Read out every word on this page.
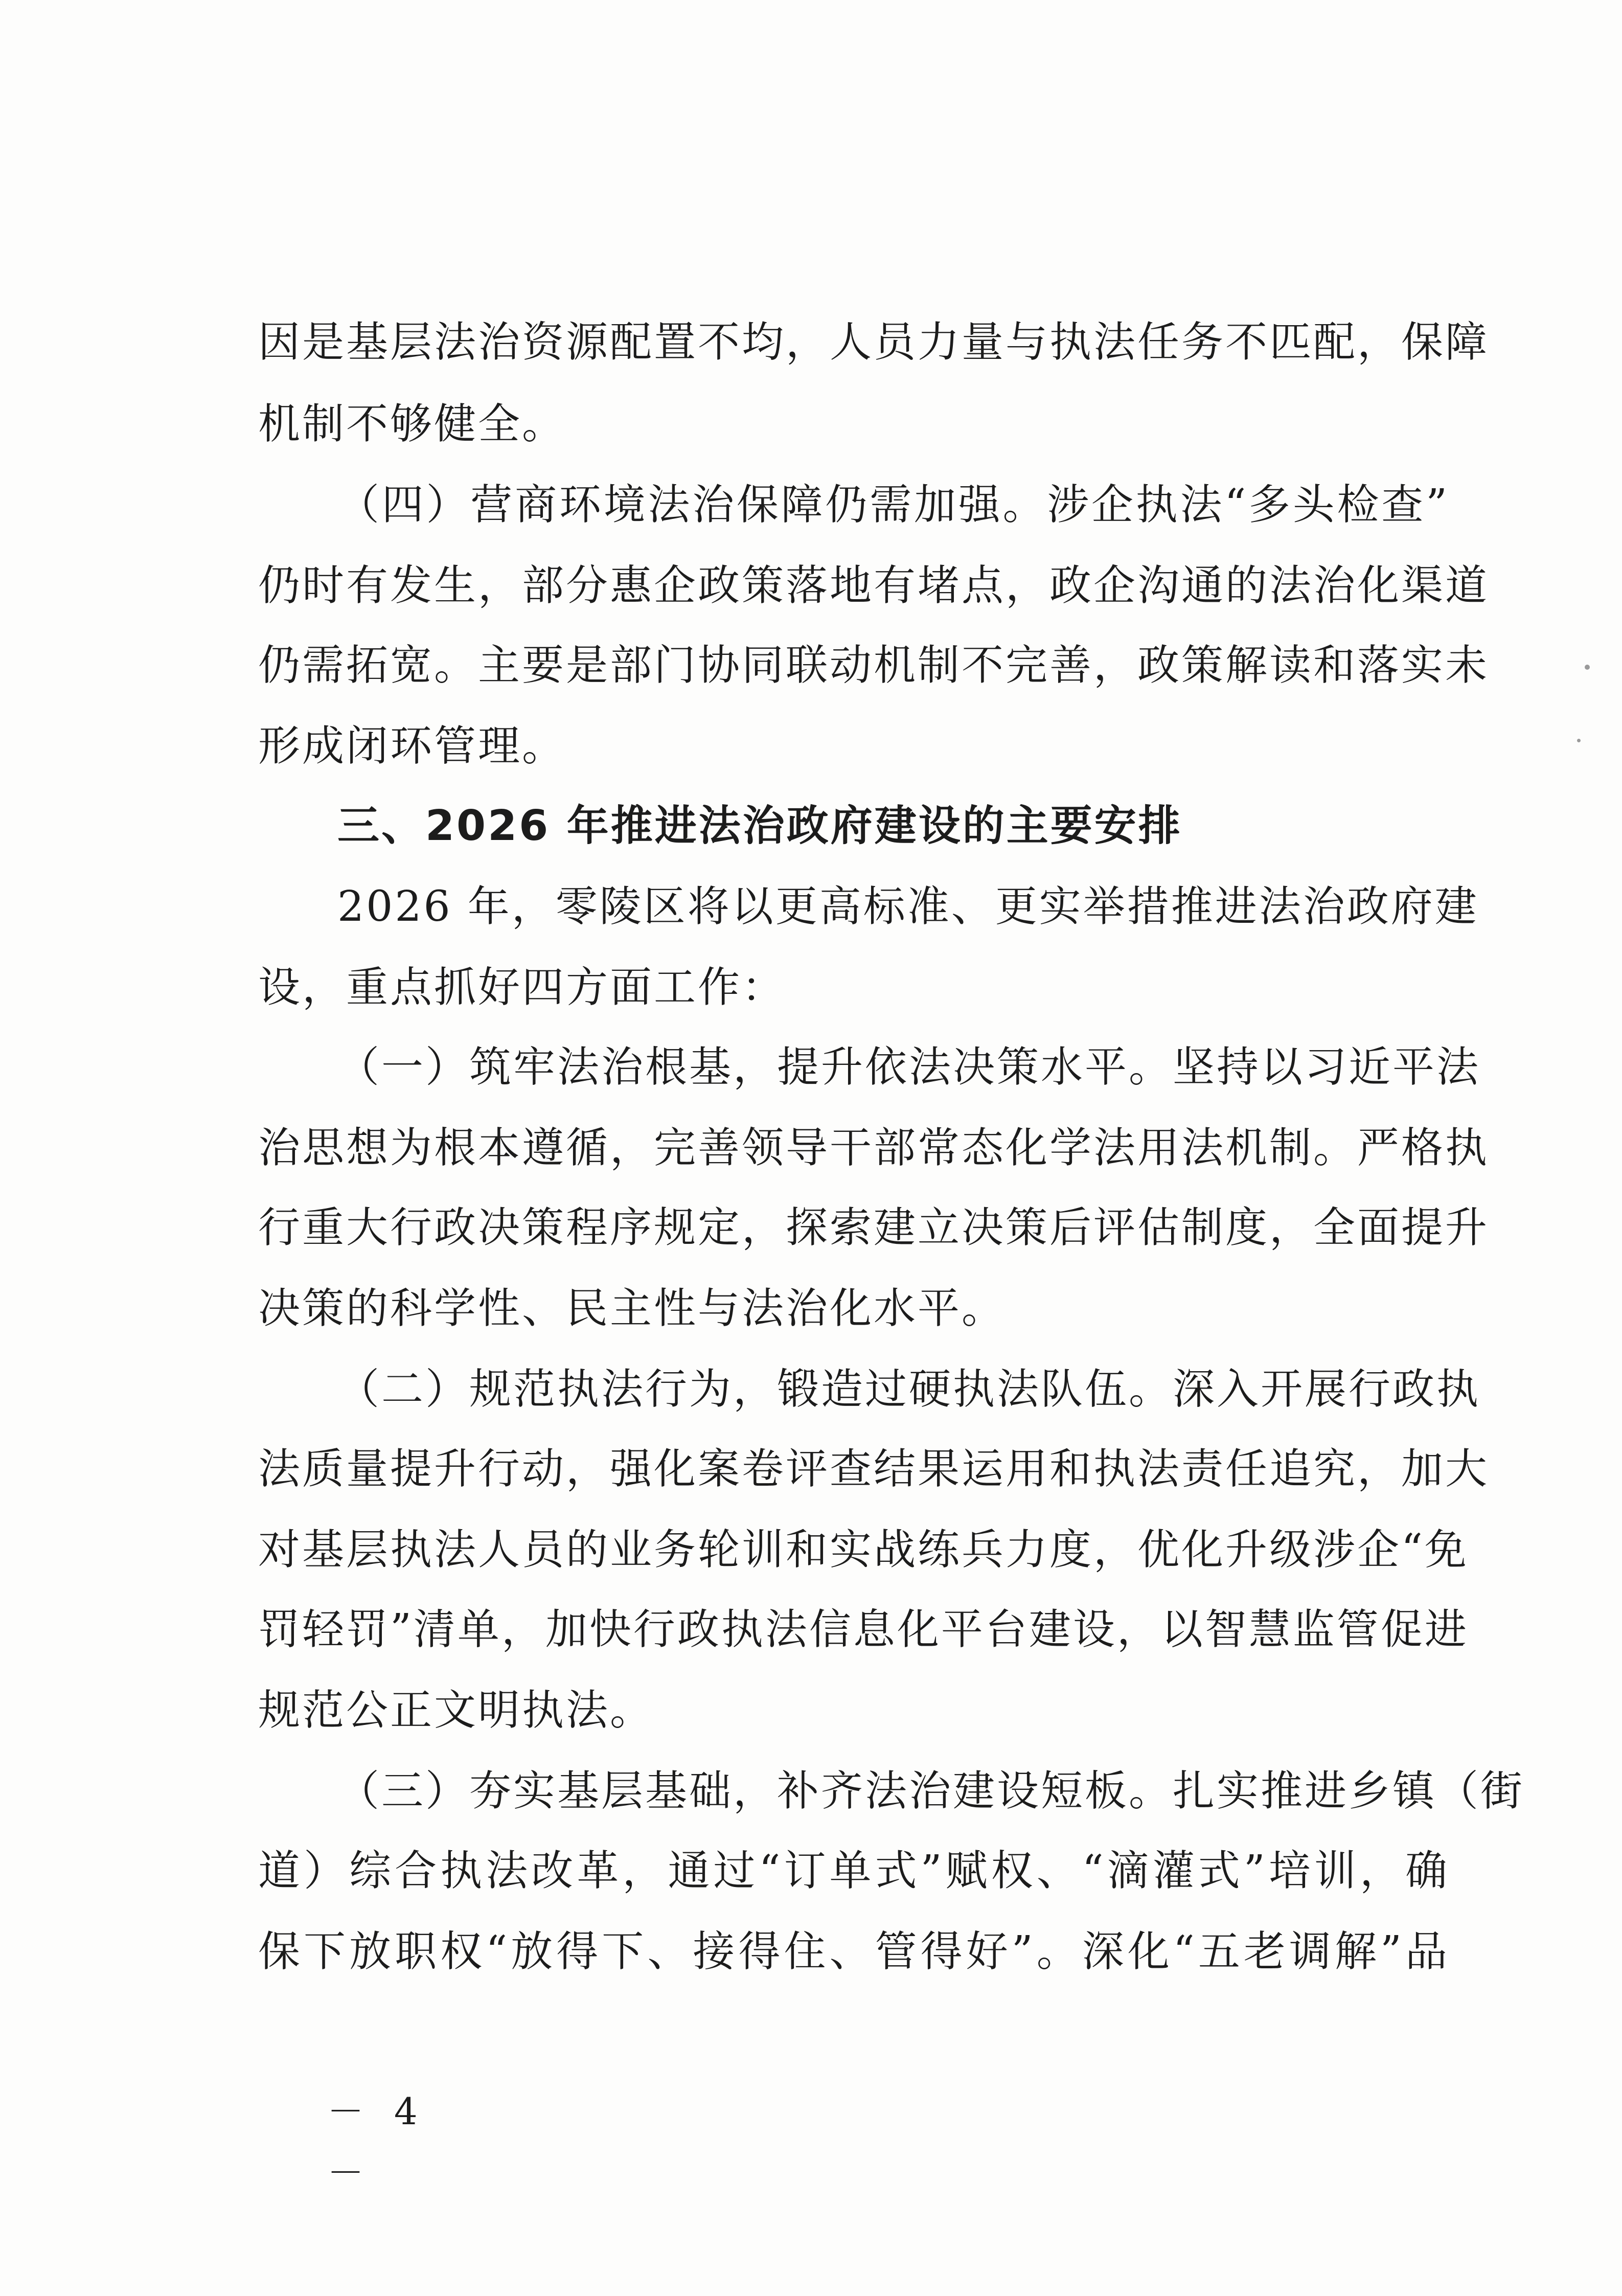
因是基层法治资源配置不均，人员力量与执法任务不匹配，保障
机制不够健全。
（四）营商环境法治保障仍需加强。涉企执法“多头检查”
仍时有发生，部分惠企政策落地有堵点，政企沟通的法治化渠道
仍需拓宽。主要是部门协同联动机制不完善，政策解读和落实未
形成闭环管理。
三、2026 年推进法治政府建设的主要安排
2026 年，零陵区将以更高标准、更实举措推进法治政府建
设，重点抓好四方面工作：
（一）筑牢法治根基，提升依法决策水平。坚持以习近平法
治思想为根本遵循，完善领导干部常态化学法用法机制。严格执
行重大行政决策程序规定，探索建立决策后评估制度，全面提升
决策的科学性、民主性与法治化水平。
（二）规范执法行为，锻造过硬执法队伍。深入开展行政执
法质量提升行动，强化案卷评查结果运用和执法责任追究，加大
对基层执法人员的业务轮训和实战练兵力度，优化升级涉企“免
罚轻罚”清单，加快行政执法信息化平台建设，以智慧监管促进
规范公正文明执法。
（三）夯实基层基础，补齐法治建设短板。扎实推进乡镇（街
道）综合执法改革，通过“订单式”赋权、“滴灌式”培训，确
保下放职权“放得下、接得住、管得好”。深化“五老调解”品
－ 4 －
